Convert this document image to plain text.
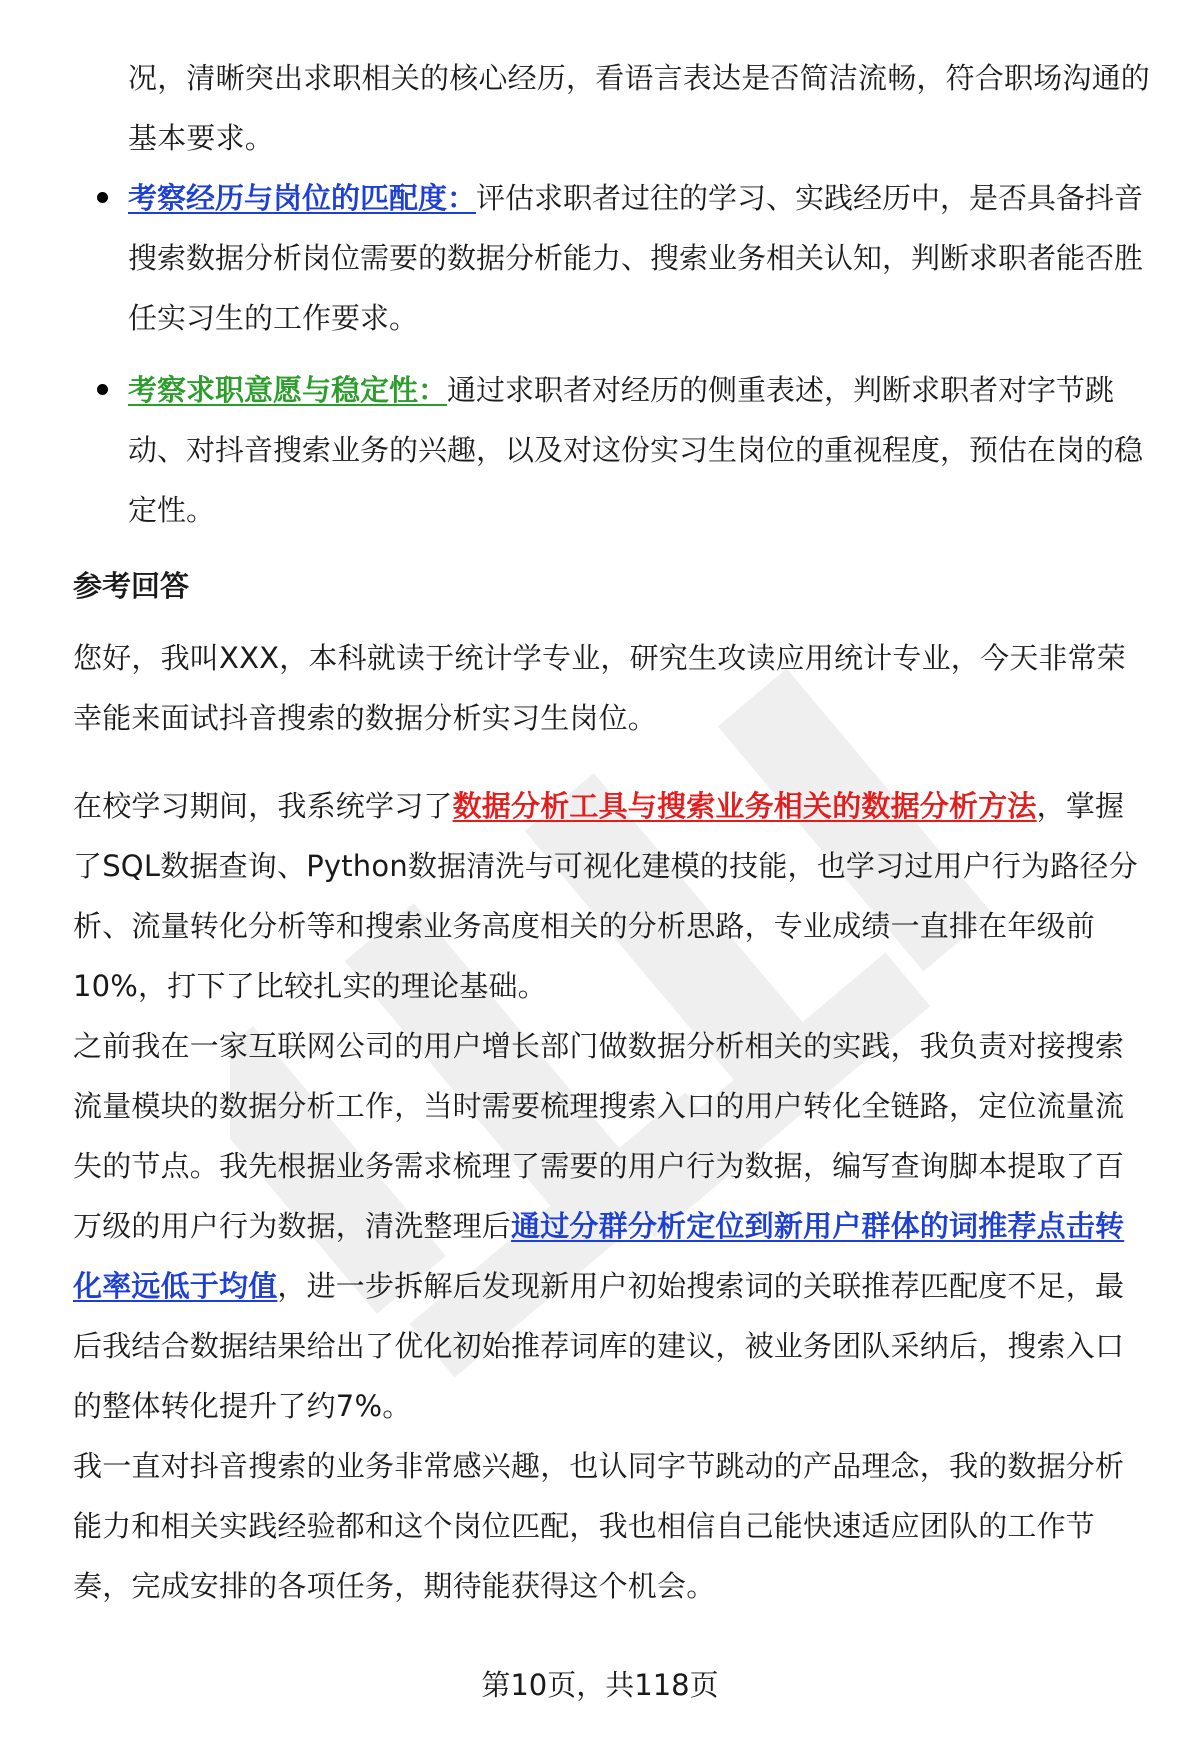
况，清晰突出求职相关的核心经历，看语言表达是否简洁流畅，符合职场沟通的基本要求。

考察经历与岗位的匹配度：评估求职者过往的学习、实践经历中，是否具备抖音搜索数据分析岗位需要的数据分析能力、搜索业务相关认知，判断求职者能否胜任实习生的工作要求。
考察求职意愿与稳定性：通过求职者对经历的侧重表述，判断求职者对字节跳动、对抖音搜索业务的兴趣，以及对这份实习生岗位的重视程度，预估在岗的稳定性。
参考回答

您好，我叫XXX，本科就读于统计学专业，研究生攻读应用统计专业，今天非常荣幸能来面试抖音搜索的数据分析实习生岗位。

在校学习期间，我系统学习了数据分析工具与搜索业务相关的数据分析方法，掌握了SQL数据查询、Python数据清洗与可视化建模的技能，也学习过用户行为路径分析、流量转化分析等和搜索业务高度相关的分析思路，专业成绩一直排在年级前10%，打下了比较扎实的理论基础。

之前我在一家互联网公司的用户增长部门做数据分析相关的实践，我负责对接搜索流量模块的数据分析工作，当时需要梳理搜索入口的用户转化全链路，定位流量流失的节点。我先根据业务需求梳理了需要的用户行为数据，编写查询脚本提取了百万级的用户行为数据，清洗整理后通过分群分析定位到新用户群体的词推荐点击转化率远低于均值，进一步拆解后发现新用户初始搜索词的关联推荐匹配度不足，最后我结合数据结果给出了优化初始推荐词库的建议，被业务团队采纳后，搜索入口的整体转化提升了约7%。

我一直对抖音搜索的业务非常感兴趣，也认同字节跳动的产品理念，我的数据分析能力和相关实践经验都和这个岗位匹配，我也相信自己能快速适应团队的工作节奏，完成安排的各项任务，期待能获得这个机会。

第10页，共118页
